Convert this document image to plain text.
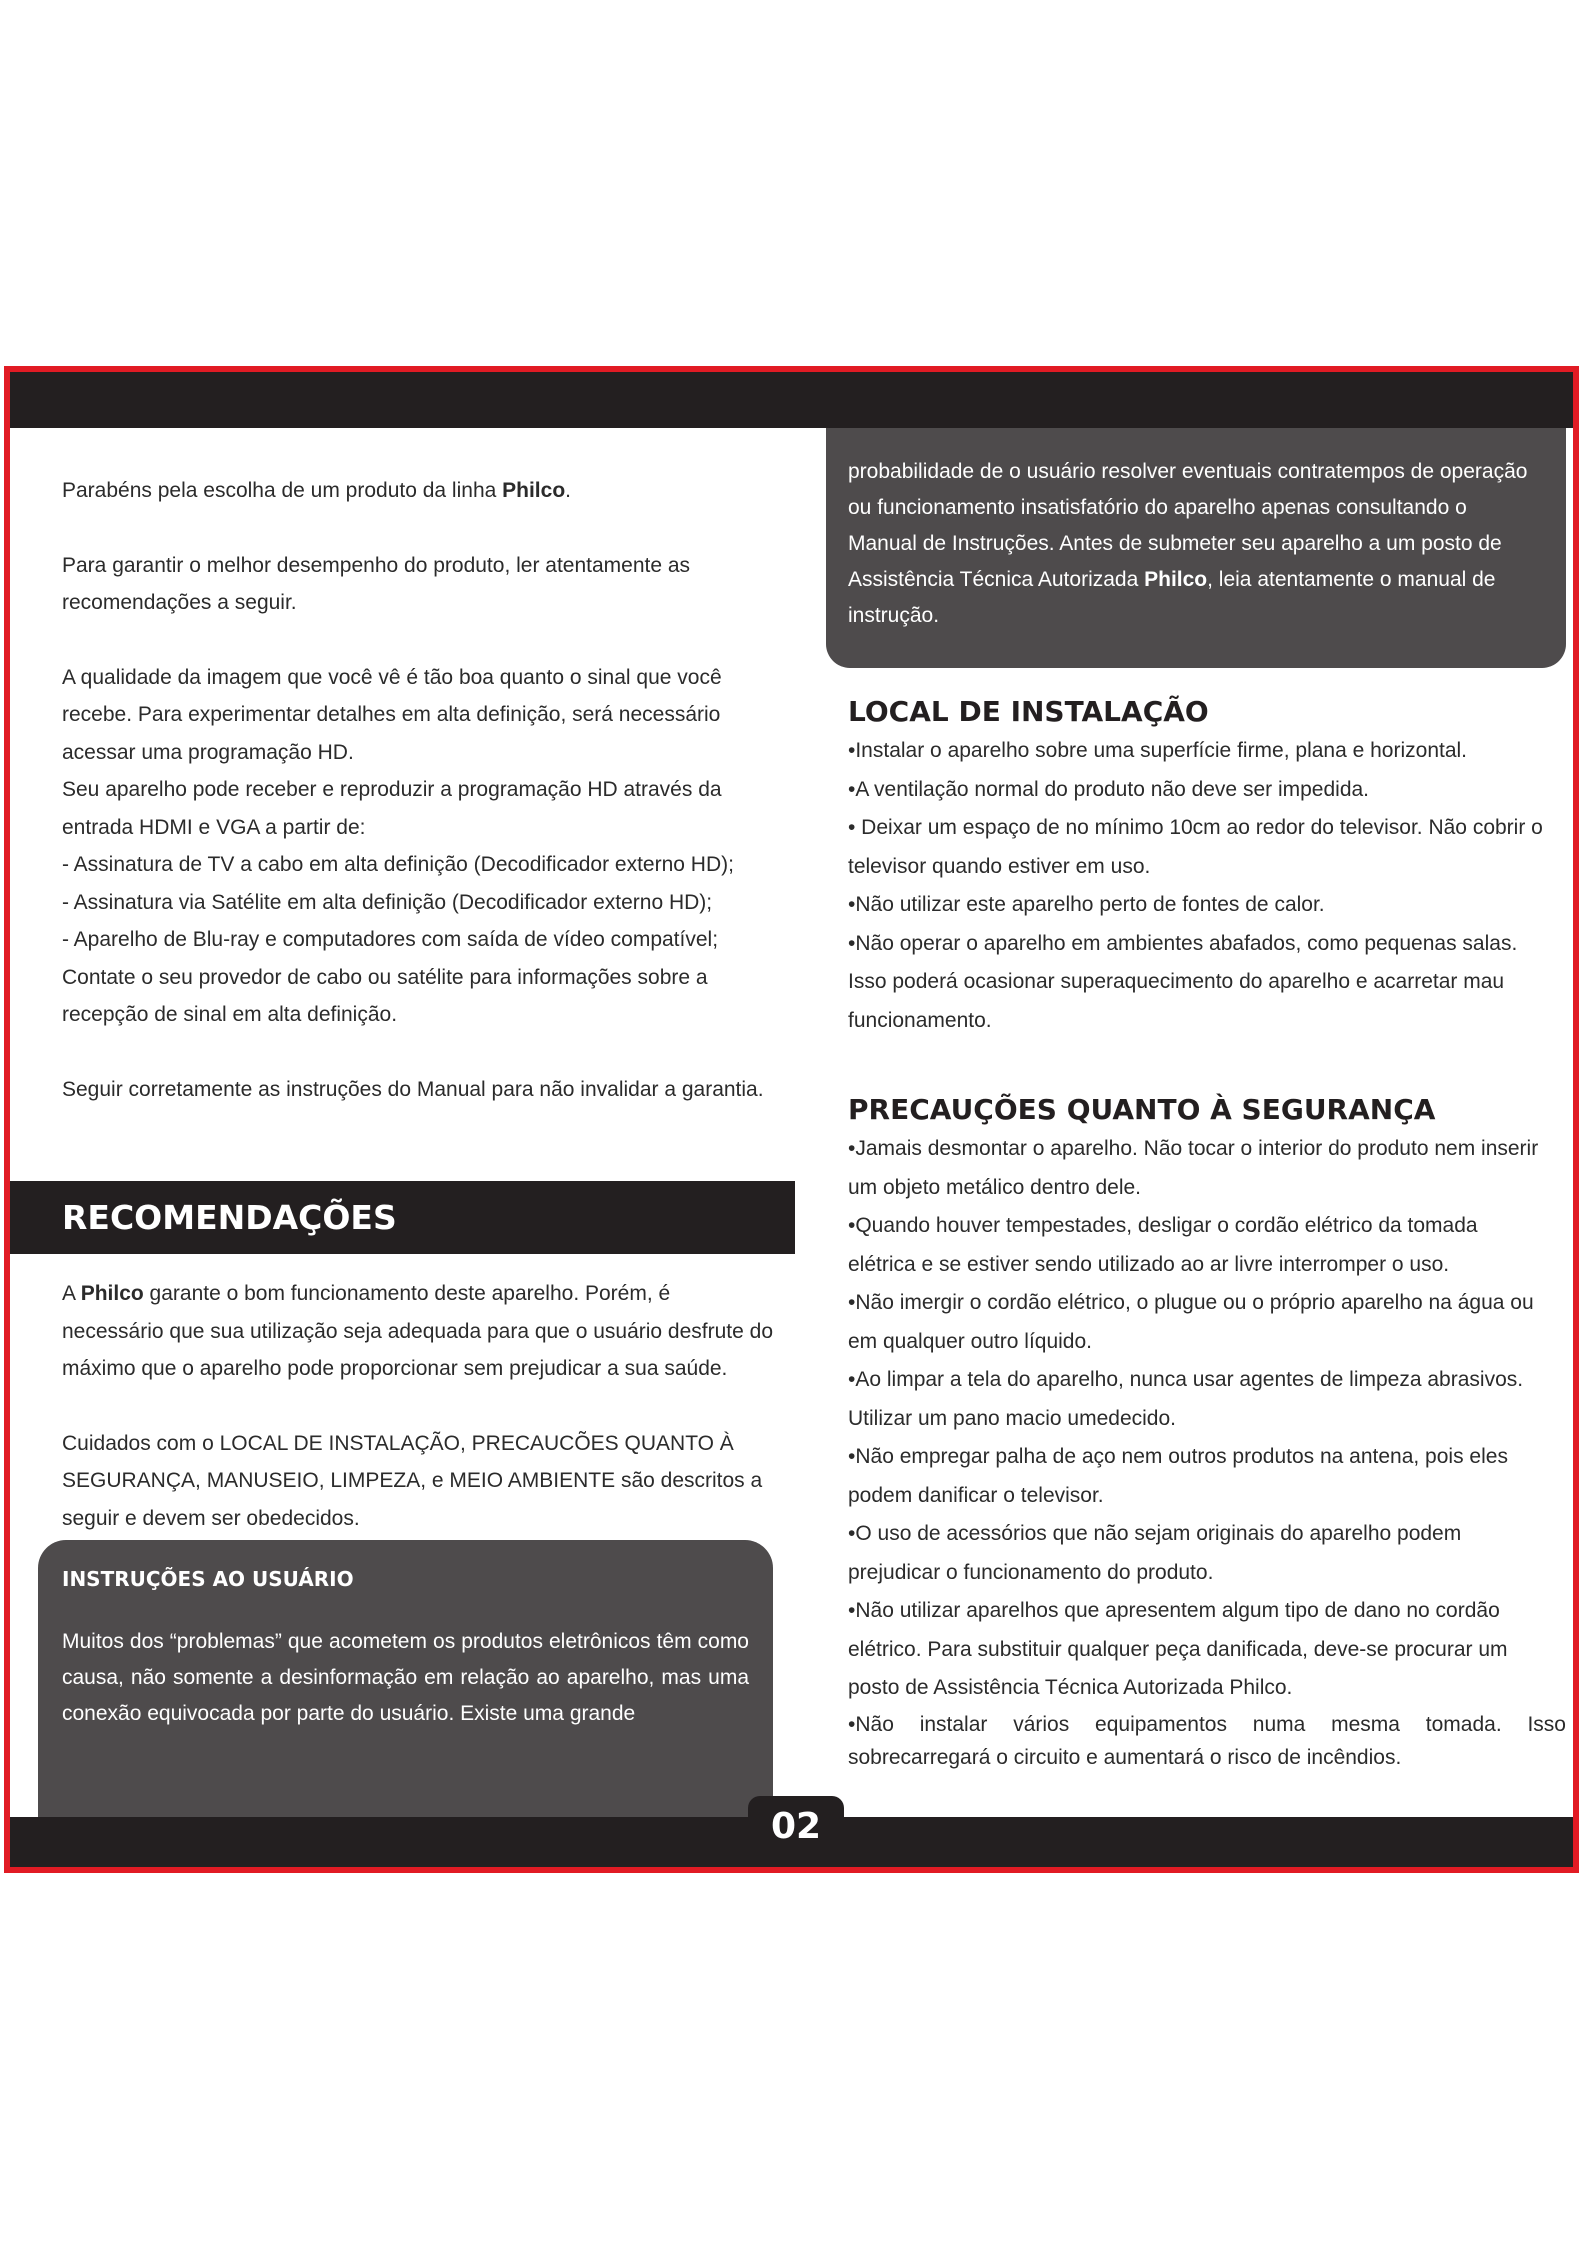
Parabéns pela escolha de um produto da linha Philco.

Para garantir o melhor desempenho do produto, ler atentamente as

recomendações a seguir.

A qualidade da imagem que você vê é tão boa quanto o sinal que você

recebe. Para experimentar detalhes em alta definição, será necessário

acessar uma programação HD.

Seu aparelho pode receber e reproduzir a programação HD através da

entrada HDMI e VGA a partir de:

- Assinatura de TV a cabo em alta definição (Decodificador externo HD);

- Assinatura via Satélite em alta definição (Decodificador externo HD);

- Aparelho de Blu-ray e computadores com saída de vídeo compatível;

Contate o seu provedor de cabo ou satélite para informações sobre a

recepção de sinal em alta definição.

Seguir corretamente as instruções do Manual para não invalidar a garantia.

RECOMENDAÇÕES

A Philco garante o bom funcionamento deste aparelho. Porém, é

necessário que sua utilização seja adequada para que o usuário desfrute do

máximo que o aparelho pode proporcionar sem prejudicar a sua saúde.

Cuidados com o LOCAL DE INSTALAÇÃO, PRECAUCÕES QUANTO À

SEGURANÇA, MANUSEIO, LIMPEZA, e MEIO AMBIENTE são descritos a

seguir e devem ser obedecidos.

INSTRUÇÕES AO USUÁRIO

Muitos dos “problemas” que acometem os produtos eletrônicos têm como causa, não somente a desinformação em relação ao aparelho, mas uma conexão equivocada por parte do usuário. Existe uma grande

probabilidade de o usuário resolver eventuais contratempos de operação

ou funcionamento insatisfatório do aparelho apenas consultando o

Manual de Instruções. Antes de submeter seu aparelho a um posto de

Assistência Técnica Autorizada Philco, leia atentamente o manual de

instrução.

LOCAL DE INSTALAÇÃO

•Instalar o aparelho sobre uma superfície firme, plana e horizontal.

•A ventilação normal do produto não deve ser impedida.

• Deixar um espaço de no mínimo 10cm ao redor do televisor. Não cobrir o

televisor quando estiver em uso.

•Não utilizar este aparelho perto de fontes de calor.

•Não operar o aparelho em ambientes abafados, como pequenas salas.

Isso poderá ocasionar superaquecimento do aparelho e acarretar mau

funcionamento.

PRECAUÇÕES QUANTO À SEGURANÇA

•Jamais desmontar o aparelho. Não tocar o interior do produto nem inserir

um objeto metálico dentro dele.

•Quando houver tempestades, desligar o cordão elétrico da tomada

elétrica e se estiver sendo utilizado ao ar livre interromper o uso.

•Não imergir o cordão elétrico, o plugue ou o próprio aparelho na água ou

em qualquer outro líquido.

•Ao limpar a tela do aparelho, nunca usar agentes de limpeza abrasivos.

Utilizar um pano macio umedecido.

•Não empregar palha de aço nem outros produtos na antena, pois eles

podem danificar o televisor.

•O uso de acessórios que não sejam originais do aparelho podem

prejudicar o funcionamento do produto.

•Não utilizar aparelhos que apresentem algum tipo de dano no cordão

elétrico. Para substituir qualquer peça danificada, deve-se procurar um

posto de Assistência Técnica Autorizada Philco.

•Não instalar vários equipamentos numa mesma tomada. Isso sobrecarregará o circuito e aumentará o risco de incêndios.

02
